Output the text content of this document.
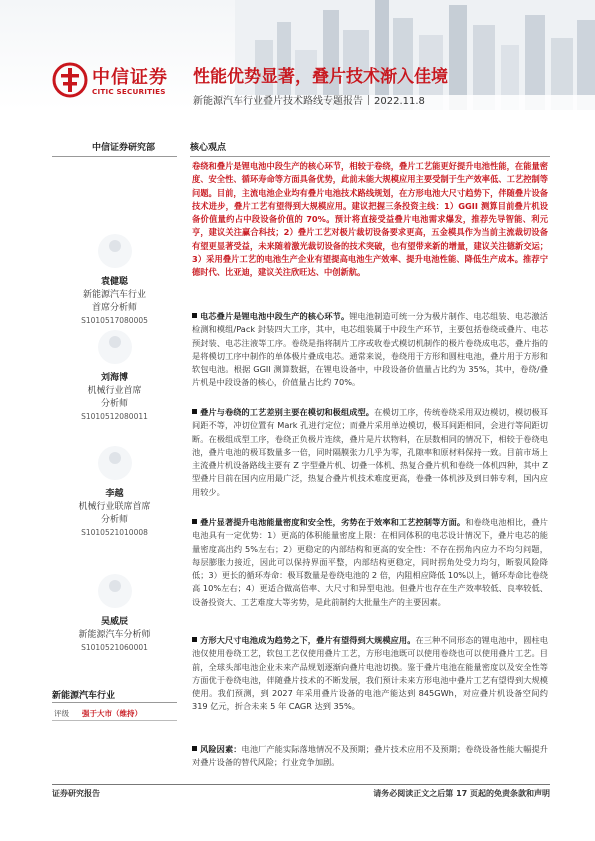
中信证券
CITIC SECURITIES
性能优势显著，叠片技术渐入佳境
新能源汽车行业叠片技术路线专题报告 2022.11.8
中信证券研究部
袁健聪
新能源汽车行业
首席分析师
S1010517080005
刘海博
机械行业首席
分析师
S1010512080011
李越
机械行业联席首席
分析师
S1010521010008
吴威辰
新能源汽车分析师
S1010521060001
新能源汽车行业
评级 强于大市（维持）
核心观点
卷绕和叠片是锂电池中段生产的核心环节，相较于卷绕，叠片工艺能更好提升电池性能，在能量密度、安全性、循环寿命等方面具备优势，此前未能大规模应用主要受制于生产效率低、工艺控制等问题。目前，主流电池企业均有叠片电池技术路线规划，在方形电池大尺寸趋势下，伴随叠片设备技术进步，叠片工艺有望得到大规模应用。建议把握三条投资主线：1）GGII 测算目前叠片机设备价值量约占中段设备价值的 70%。预计将直接受益叠片电池需求爆发，推荐先导智能、利元亨，建议关注赢合科技；2）叠片工艺对极片裁切设备要求更高，五金模具作为当前主流裁切设备有望更显著受益，未来随着激光裁切设备的技术突破，也有望带来新的增量，建议关注德新交运；3）采用叠片工艺的电池生产企业有望提高电池生产效率、提升电池性能、降低生产成本。推荐宁德时代、比亚迪，建议关注欣旺达、中创新航。
电芯叠片是锂电池中段生产的核心环节。锂电池制造可统一分为极片制作、电芯组装、电芯激活检测和模组/Pack 封装四大工序，其中，电芯组装属于中段生产环节，主要包括卷绕或叠片、电芯预封装、电芯注液等工序。卷绕是指将制片工序或收卷式模切机制作的极片卷绕成电芯，叠片指的是将模切工序中制作的单体极片叠成电芯。通常来说，卷绕用于方形和圆柱电池，叠片用于方形和软包电池。根据 GGII 测算数据，在锂电设备中，中段设备价值量占比约为 35%，其中，卷绕/叠片机是中段设备的核心，价值量占比约 70%。
叠片与卷绕的工艺差别主要在模切和极组成型。在模切工序，传统卷绕采用双边模切，模切极耳间距不等，冲切位置有 Mark 孔进行定位；而叠片采用单边模切，极耳间距相同，会进行等间距切断。在极组成型工序，卷绕正负极片连续，叠片是片状物料，在层数相同的情况下，相较于卷绕电池，叠片电池的极耳数量多一倍，同时隔膜张力几乎为零，孔隙率和原材料保持一致。目前市场上主流叠片机设备路线主要有 Z 字型叠片机、切叠一体机、热复合叠片机和卷绕一体机四种，其中 Z 型叠片目前在国内应用最广泛，热复合叠片机技术难度更高，卷叠一体机涉及到日韩专利，国内应用较少。
叠片显著提升电池能量密度和安全性，劣势在于效率和工艺控制等方面。和卷绕电池相比，叠片电池具有一定优势：1）更高的体积能量密度上限：在相同体积的电芯设计情况下，叠片电芯的能量密度高出约 5%左右；2）更稳定的内部结构和更高的安全性：不存在拐角内应力不均匀问题，每层膨胀力接近，因此可以保持界面平整，内部结构更稳定，同时拐角处受力均匀，断裂风险降低；3）更长的循环寿命：极耳数量是卷绕电池的 2 倍，内阻相应降低 10%以上，循环寿命比卷绕高 10%左右；4）更适合做高倍率、大尺寸和异型电池。但叠片也存在生产效率较低、良率较低、设备投资大、工艺难度大等劣势，是此前制约大批量生产的主要因素。
方形大尺寸电池成为趋势之下，叠片有望得到大规模应用。在三种不同形态的锂电池中，圆柱电池仅使用卷绕工艺，软包工艺仅使用叠片工艺，方形电池既可以使用卷绕也可以使用叠片工艺。目前，全球头部电池企业未来产品规划逐渐向叠片电池切换。鉴于叠片电池在能量密度以及安全性等方面优于卷绕电池，伴随叠片技术的不断发展，我们预计未来方形电池中叠片工艺有望得到大规模使用。我们预测，到 2027 年采用叠片设备的电池产能达到 845GWh，对应叠片机设备空间约 319 亿元，折合未来 5 年 CAGR 达到 35%。
风险因素：电池厂产能实际落地情况不及预期；叠片技术应用不及预期；卷绕设备性能大幅提升对叠片设备的替代风险；行业竞争加剧。
证券研究报告	请务必阅读正文之后第 17 页起的免责条款和声明
